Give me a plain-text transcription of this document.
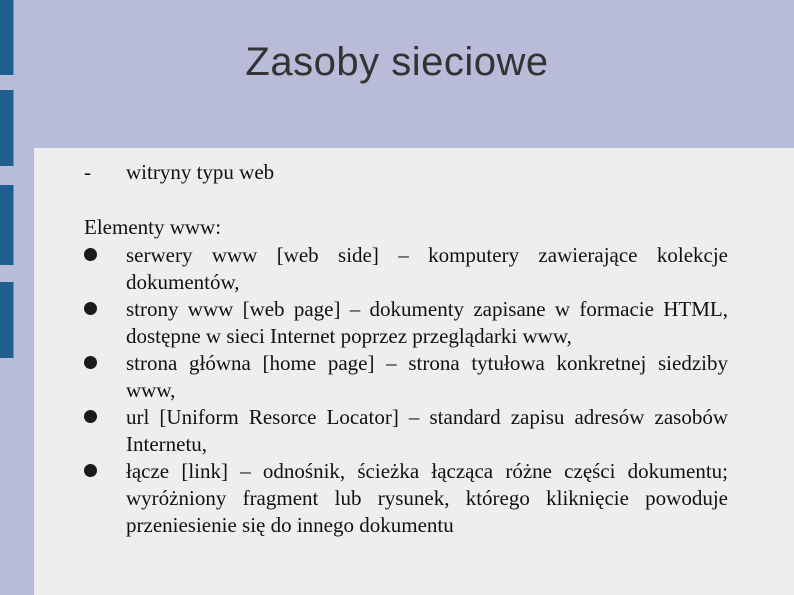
Zasoby sieciowe
- witryny typu web
Elementy www:
serwery www [web side] – komputery zawierające kolekcje dokumentów,
strony www [web page] – dokumenty zapisane w formacie HTML, dostępne w sieci Internet poprzez przeglądarki www,
strona główna [home page] – strona tytułowa konkretnej siedziby www,
url [Uniform Resorce Locator] – standard zapisu adresów zasobów Internetu,
łącze [link] – odnośnik, ścieżka łącząca różne części dokumentu; wyróżniony fragment lub rysunek, którego kliknięcie powoduje przeniesienie się do innego dokumentu
